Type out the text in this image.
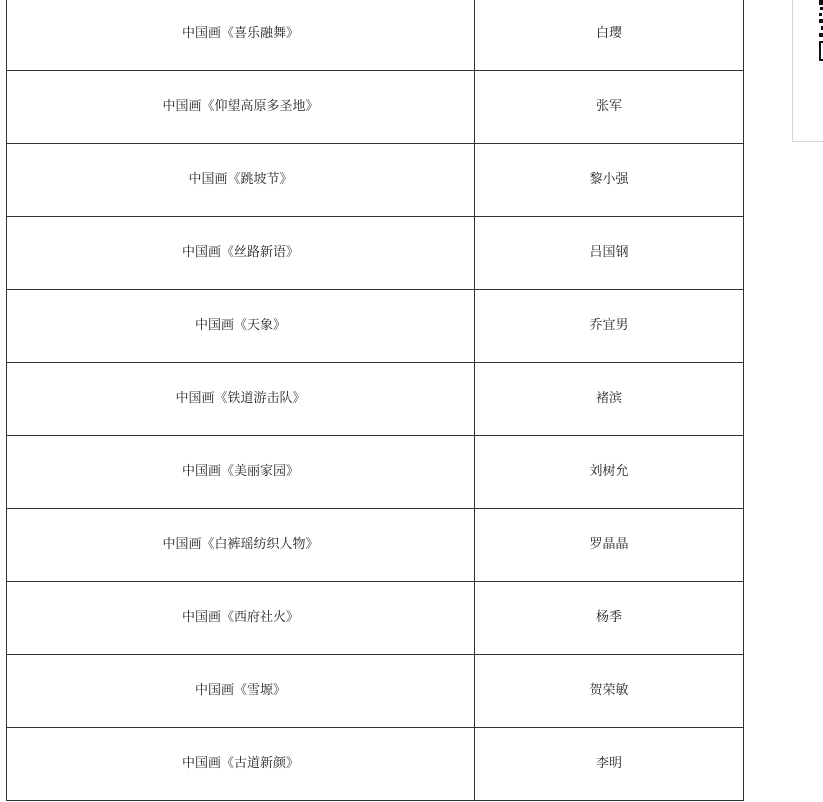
中国画《喜乐融舞》	白璎
中国画《仰望高原多圣地》	张军
中国画《跳坡节》	黎小强
中国画《丝路新语》	吕国钢
中国画《天象》	乔宜男
中国画《铁道游击队》	褚滨
中国画《美丽家园》	刘树允
中国画《白裤瑶纺织人物》	罗晶晶
中国画《西府社火》	杨季
中国画《雪塬》	贺荣敏
中国画《古道新颜》	李明
